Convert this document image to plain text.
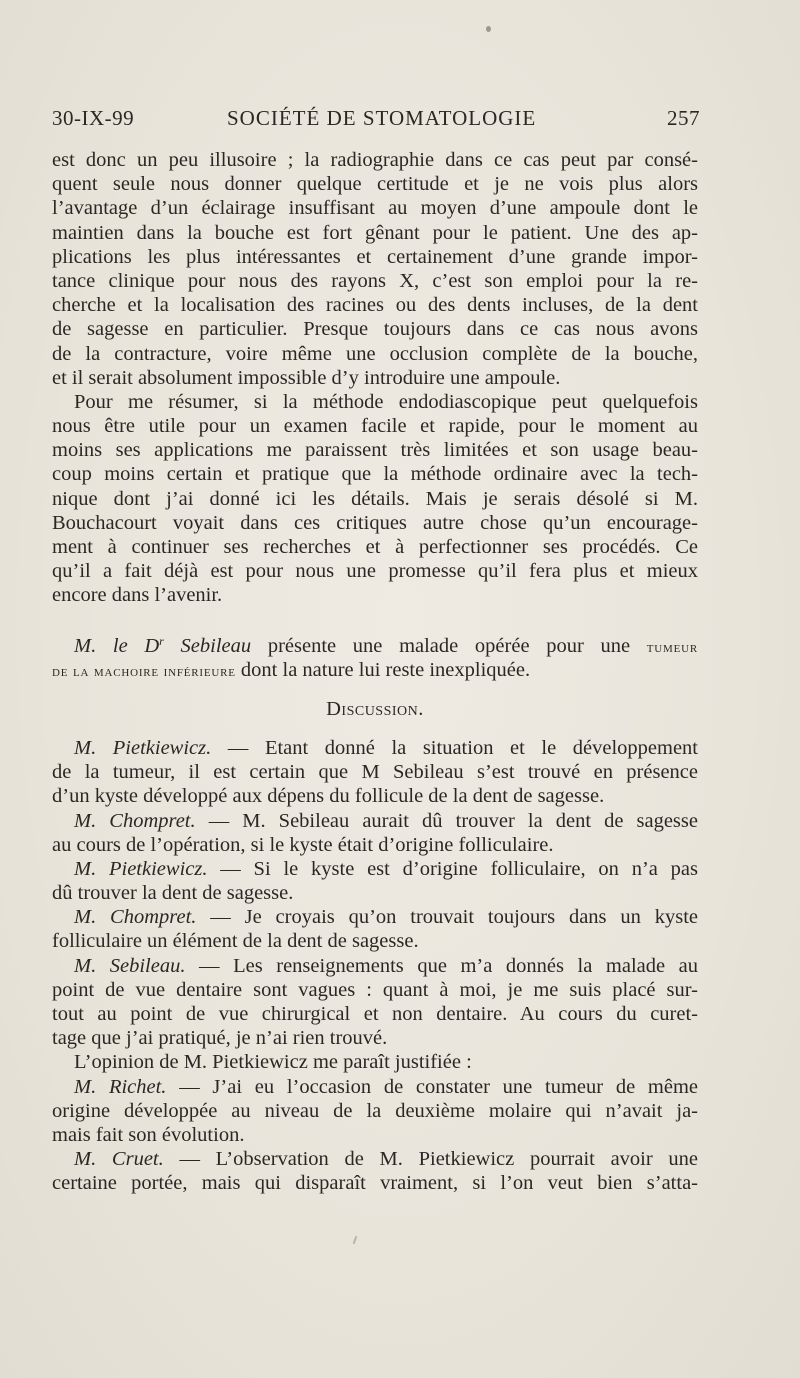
30-IX-99	SOCIÉTÉ DE STOMATOLOGIE	257
est donc un peu illusoire ; la radiographie dans ce cas peut par consé-
quent seule nous donner quelque certitude et je ne vois plus alors
l’avantage d’un éclairage insuffisant au moyen d’une ampoule dont le
maintien dans la bouche est fort gênant pour le patient. Une des ap-
plications les plus intéressantes et certainement d’une grande impor-
tance clinique pour nous des rayons X, c’est son emploi pour la re-
cherche et la localisation des racines ou des dents incluses, de la dent
de sagesse en particulier. Presque toujours dans ce cas nous avons
de la contracture, voire même une occlusion complète de la bouche,
et il serait absolument impossible d’y introduire une ampoule.
Pour me résumer, si la méthode endodiascopique peut quelquefois
nous être utile pour un examen facile et rapide, pour le moment au
moins ses applications me paraissent très limitées et son usage beau-
coup moins certain et pratique que la méthode ordinaire avec la tech-
nique dont j’ai donné ici les détails. Mais je serais désolé si M.
Bouchacourt voyait dans ces critiques autre chose qu’un encourage-
ment à continuer ses recherches et à perfectionner ses procédés. Ce
qu’il a fait déjà est pour nous une promesse qu’il fera plus et mieux
encore dans l’avenir.
M. le $D^r$ Sebileau présente une malade opérée pour une tumeur
de la machoire inférieure dont la nature lui reste inexpliquée.
Discussion.
M. Pietkiewicz. — Etant donné la situation et le développement
de la tumeur, il est certain que M Sebileau s’est trouvé en présence
d’un kyste développé aux dépens du follicule de la dent de sagesse.
M. Chompret. — M. Sebileau aurait dû trouver la dent de sagesse
au cours de l’opération, si le kyste était d’origine folliculaire.
M. Pietkiewicz. — Si le kyste est d’origine folliculaire, on n’a pas
dû trouver la dent de sagesse.
M. Chompret. — Je croyais qu’on trouvait toujours dans un kyste
folliculaire un élément de la dent de sagesse.
M. Sebileau. — Les renseignements que m’a donnés la malade au
point de vue dentaire sont vagues : quant à moi, je me suis placé sur-
tout au point de vue chirurgical et non dentaire. Au cours du curet-
tage que j’ai pratiqué, je n’ai rien trouvé.
L’opinion de M. Pietkiewicz me paraît justifiée :
M. Richet. — J’ai eu l’occasion de constater une tumeur de même
origine développée au niveau de la deuxième molaire qui n’avait ja-
mais fait son évolution.
M. Cruet. — L’observation de M. Pietkiewicz pourrait avoir une
certaine portée, mais qui disparaît vraiment, si l’on veut bien s’atta-
